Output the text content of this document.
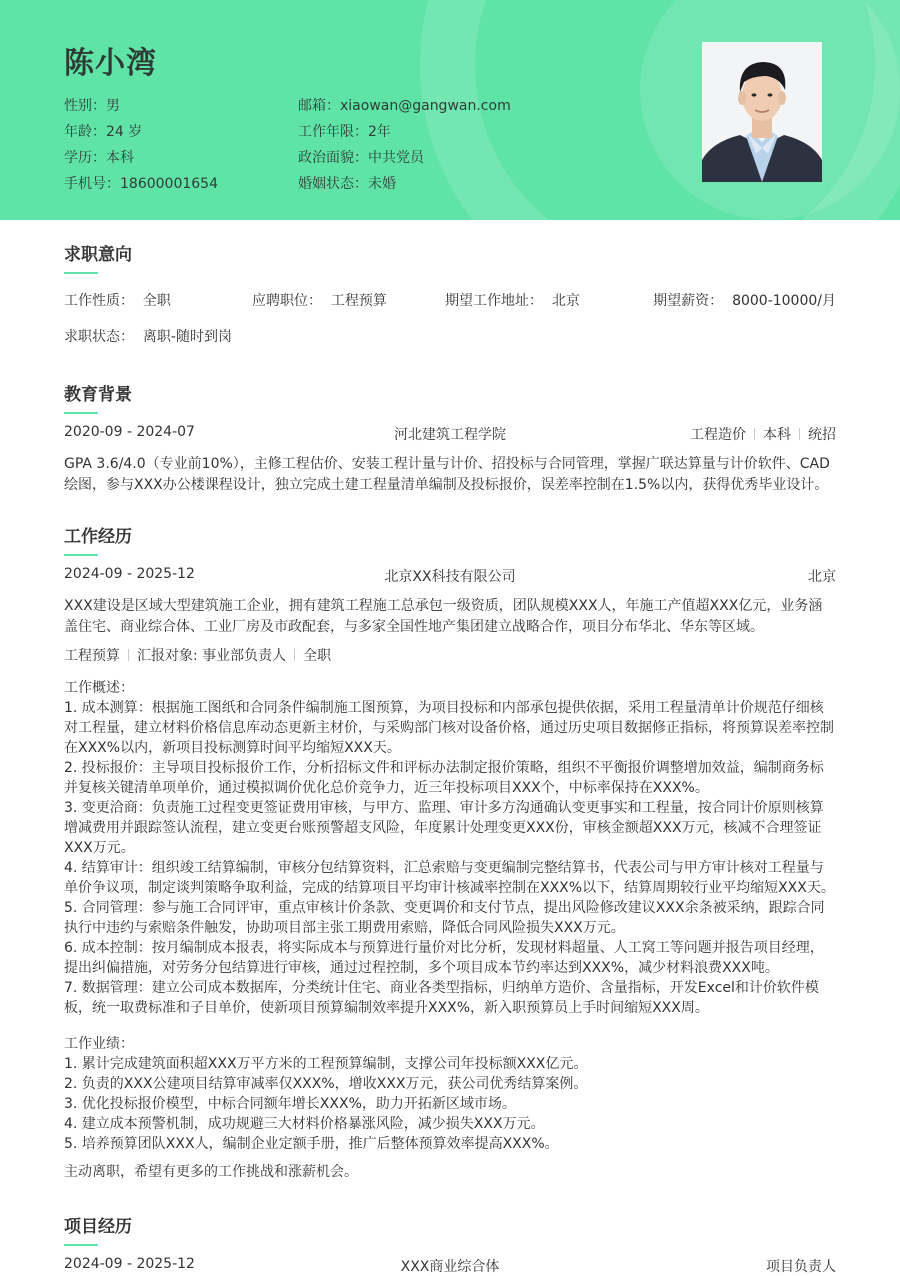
陈小湾
性别：男	邮箱：xiaowan@gangwan.com
年龄：24 岁	工作年限：2年
学历：本科	政治面貌：中共党员
手机号：18600001654	婚姻状态：未婚
求职意向
工作性质： 全职	应聘职位： 工程预算	期望工作地址： 北京	期望薪资： 8000-10000/月
求职状态： 离职-随时到岗
教育背景
2020-09 - 2024-07	河北建筑工程学院	工程造价 本科 统招

GPA 3.6/4.0（专业前10%），主修工程估价、安装工程计量与计价、招投标与合同管理，掌握广联达算量与计价软件、CAD绘图，参与XXX办公楼课程设计，独立完成土建工程量清单编制及投标报价，误差率控制在1.5%以内，获得优秀毕业设计。

工作经历
2024-09 - 2025-12	北京XX科技有限公司	北京

XXX建设是区域大型建筑施工企业，拥有建筑工程施工总承包一级资质，团队规模XXX人，年施工产值超XXX亿元，业务涵盖住宅、商业综合体、工业厂房及市政配套，与多家全国性地产集团建立战略合作，项目分布华北、华东等区域。

工程预算 汇报对象: 事业部负责人 全职

工作概述：

1. 成本测算：根据施工图纸和合同条件编制施工图预算，为项目投标和内部承包提供依据，采用工程量清单计价规范仔细核对工程量，建立材料价格信息库动态更新主材价，与采购部门核对设备价格，通过历史项目数据修正指标，将预算误差率控制在XXX%以内，新项目投标测算时间平均缩短XXX天。

2. 投标报价：主导项目投标报价工作，分析招标文件和评标办法制定报价策略，组织不平衡报价调整增加效益，编制商务标并复核关键清单项单价，通过模拟调价优化总价竞争力，近三年投标项目XXX个，中标率保持在XXX%。

3. 变更洽商：负责施工过程变更签证费用审核，与甲方、监理、审计多方沟通确认变更事实和工程量，按合同计价原则核算增减费用并跟踪签认流程，建立变更台账预警超支风险，年度累计处理变更XXX份，审核金额超XXX万元，核减不合理签证XXX万元。

4. 结算审计：组织竣工结算编制，审核分包结算资料，汇总索赔与变更编制完整结算书，代表公司与甲方审计核对工程量与单价争议项，制定谈判策略争取利益，完成的结算项目平均审计核减率控制在XXX%以下，结算周期较行业平均缩短XXX天。

5. 合同管理：参与施工合同评审，重点审核计价条款、变更调价和支付节点，提出风险修改建议XXX余条被采纳，跟踪合同执行中违约与索赔条件触发，协助项目部主张工期费用索赔，降低合同风险损失XXX万元。

6. 成本控制：按月编制成本报表，将实际成本与预算进行量价对比分析，发现材料超量、人工窝工等问题并报告项目经理，提出纠偏措施，对劳务分包结算进行审核，通过过程控制，多个项目成本节约率达到XXX%，减少材料浪费XXX吨。

7. 数据管理：建立公司成本数据库，分类统计住宅、商业各类型指标，归纳单方造价、含量指标，开发Excel和计价软件模板，统一取费标准和子目单价，使新项目预算编制效率提升XXX%，新入职预算员上手时间缩短XXX周。

工作业绩：

1. 累计完成建筑面积超XXX万平方米的工程预算编制，支撑公司年投标额XXX亿元。

2. 负责的XXX公建项目结算审减率仅XXX%，增收XXX万元，获公司优秀结算案例。

3. 优化投标报价模型，中标合同额年增长XXX%，助力开拓新区域市场。

4. 建立成本预警机制，成功规避三大材料价格暴涨风险，减少损失XXX万元。

5. 培养预算团队XXX人，编制企业定额手册，推广后整体预算效率提高XXX%。

主动离职，希望有更多的工作挑战和涨薪机会。

项目经历
2024-09 - 2025-12	XXX商业综合体	项目负责人
